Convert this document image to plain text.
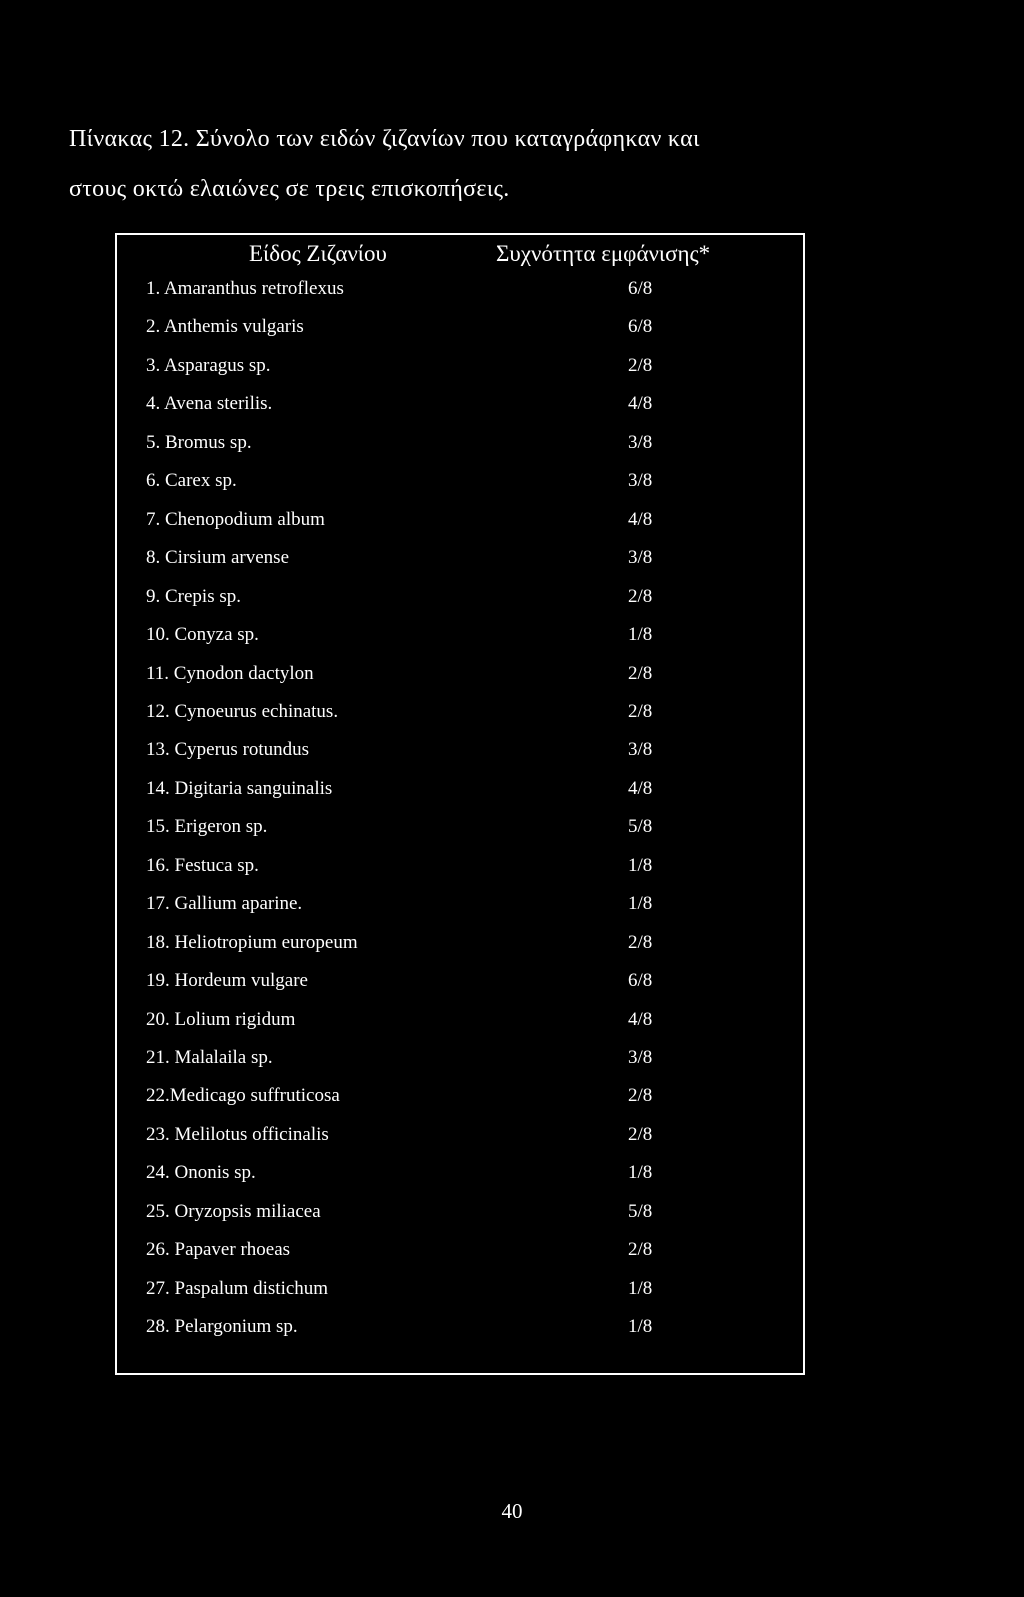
Πίνακας 12. Σύνολο των ειδών ζιζανίων που καταγράφηκαν και

στους οκτώ ελαιώνες σε τρεις επισκοπήσεις.

Είδος Ζιζανίου	Συχνότητα εμφάνισης*
1. Amaranthus retroflexus	6/8
2. Anthemis vulgaris	6/8
3. Asparagus sp.	2/8
4. Avena sterilis.	4/8
5. Bromus sp.	3/8
6. Carex sp.	3/8
7. Chenopodium album	4/8
8. Cirsium arvense	3/8
9. Crepis sp.	2/8
10. Conyza sp.	1/8
11. Cynodon dactylon	2/8
12. Cynoeurus echinatus.	2/8
13. Cyperus rotundus	3/8
14. Digitaria sanguinalis	4/8
15. Erigeron sp.	5/8
16. Festuca sp.	1/8
17. Gallium aparine.	1/8
18. Heliotropium europeum	2/8
19. Hordeum vulgare	6/8
20. Lolium rigidum	4/8
21. Malalaila sp.	3/8
22.Medicago suffruticosa	2/8
23. Melilotus officinalis	2/8
24. Ononis sp.	1/8
25. Oryzopsis miliacea	5/8
26. Papaver rhoeas	2/8
27. Paspalum distichum	1/8
28. Pelargonium sp.	1/8
40
